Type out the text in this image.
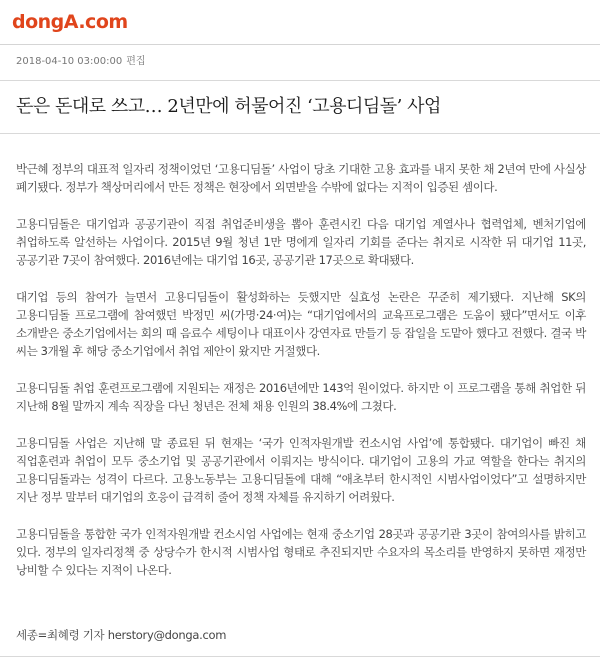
dongA.com
2018-04-10 03:00:00 편집
돈은 돈대로 쓰고… 2년만에 허물어진 ‘고용디딤돌’ 사업

박근혜 정부의 대표적 일자리 정책이었던 ‘고용디딤돌’ 사업이 당초 기대한 고용 효과를 내지 못한 채 2년여 만에 사실상 폐기됐다. 정부가 책상머리에서 만든 정책은 현장에서 외면받을 수밖에 없다는 지적이 입증된 셈이다.

고용디딤돌은 대기업과 공공기관이 직접 취업준비생을 뽑아 훈련시킨 다음 대기업 계열사나 협력업체, 벤처기업에 취업하도록 알선하는 사업이다. 2015년 9월 청년 1만 명에게 일자리 기회를 준다는 취지로 시작한 뒤 대기업 11곳, 공공기관 7곳이 참여했다. 2016년에는 대기업 16곳, 공공기관 17곳으로 확대됐다.

대기업 등의 참여가 늘면서 고용디딤돌이 활성화하는 듯했지만 실효성 논란은 꾸준히 제기됐다. 지난해 SK의 고용디딤돌 프로그램에 참여했던 박정민 씨(가명·24·여)는 “대기업에서의 교육프로그램은 도움이 됐다”면서도 이후 소개받은 중소기업에서는 회의 때 음료수 세팅이나 대표이사 강연자료 만들기 등 잡일을 도맡아 했다고 전했다. 결국 박 씨는 3개월 후 해당 중소기업에서 취업 제안이 왔지만 거절했다.

고용디딤돌 취업 훈련프로그램에 지원되는 재정은 2016년에만 143억 원이었다. 하지만 이 프로그램을 통해 취업한 뒤 지난해 8월 말까지 계속 직장을 다닌 청년은 전체 채용 인원의 38.4%에 그쳤다.

고용디딤돌 사업은 지난해 말 종료된 뒤 현재는 ‘국가 인적자원개발 컨소시엄 사업’에 통합됐다. 대기업이 빠진 채 직업훈련과 취업이 모두 중소기업 및 공공기관에서 이뤄지는 방식이다. 대기업이 고용의 가교 역할을 한다는 취지의 고용디딤돌과는 성격이 다르다. 고용노동부는 고용디딤돌에 대해 “애초부터 한시적인 시범사업이었다”고 설명하지만 지난 정부 말부터 대기업의 호응이 급격히 줄어 정책 자체를 유지하기 어려웠다.

고용디딤돌을 통합한 국가 인적자원개발 컨소시엄 사업에는 현재 중소기업 28곳과 공공기관 3곳이 참여의사를 밝히고 있다. 정부의 일자리정책 중 상당수가 한시적 시범사업 형태로 추진되지만 수요자의 목소리를 반영하지 못하면 재정만 낭비할 수 있다는 지적이 나온다.

세종=최혜령 기자 herstory@donga.com
